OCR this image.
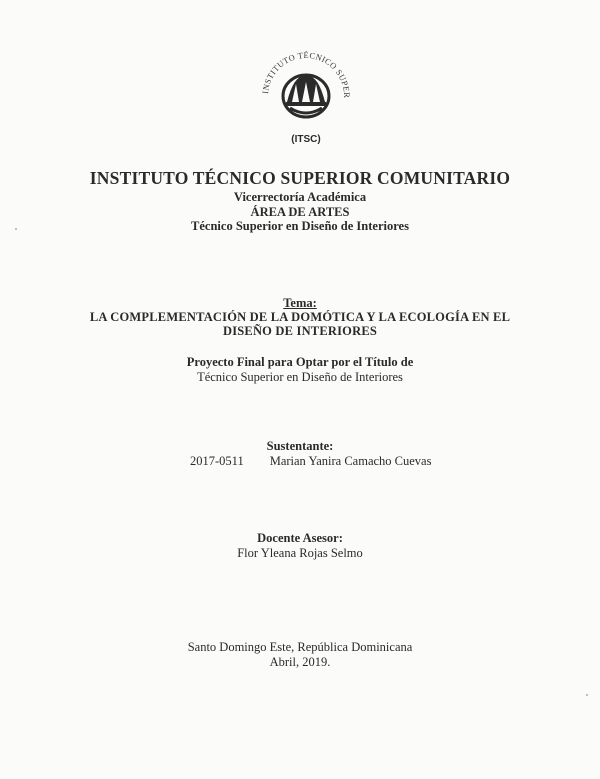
INSTITUTO TÉCNICO SUPER
(ITSC)
INSTITUTO TÉCNICO SUPERIOR COMUNITARIO
Vicerrectoría Académica
ÁREA DE ARTES
Técnico Superior en Diseño de Interiores
Tema:
LA COMPLEMENTACIÓN DE LA DOMÓTICA Y LA ECOLOGÍA EN EL
DISEÑO DE INTERIORES
Proyecto Final para Optar por el Título de
Técnico Superior en Diseño de Interiores
Sustentante:
2017-0511 Marian Yanira Camacho Cuevas
Docente Asesor:
Flor Yleana Rojas Selmo
Santo Domingo Este, República Dominicana
Abril, 2019.
